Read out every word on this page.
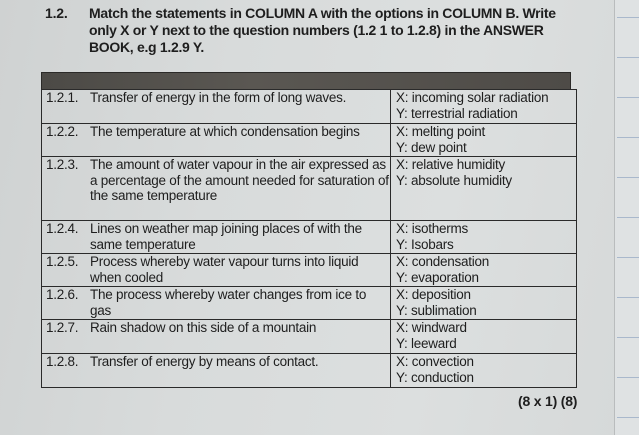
1.2. Match the statements in COLUMN A with the options in COLUMN B. Write
only X or Y next to the question numbers (1.2 1 to 1.2.8) in the ANSWER
BOOK, e.g 1.2.9 Y.
1.2.1. Transfer of energy in the form of long waves.	X: incoming solar radiation
Y: terrestrial radiation

1.2.2. The temperature at which condensation begins	X: melting point
Y: dew point

1.2.3. The amount of water vapour in the air expressed as a percentage of the amount needed for saturation of the same temperature	X: relative humidity
Y: absolute humidity

1.2.4. Lines on weather map joining places of with the same temperature	X: isotherms
Y: Isobars

1.2.5. Process whereby water vapour turns into liquid when cooled	X: condensation
Y: evaporation

1.2.6. The process whereby water changes from ice to gas	X: deposition
Y: sublimation

1.2.7. Rain shadow on this side of a mountain	X: windward
Y: leeward

1.2.8. Transfer of energy by means of contact.	X: convection
Y: conduction
(8 x 1) (8)
